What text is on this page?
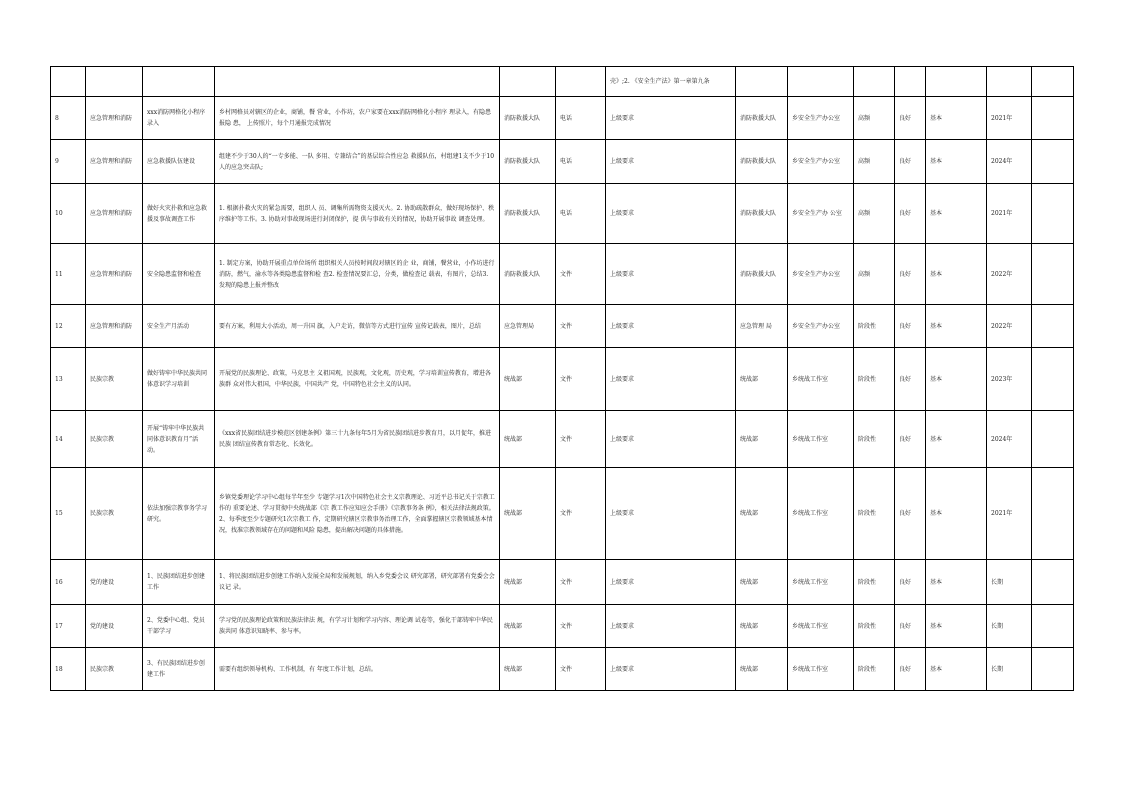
						壳》;2. 《安全生产法》第一章第九条							
8	应急管理和消防	xxx消防网格化小程序录入	乡村网格员对辖区的企业，商铺，餐 营业，小作坊，农户家要在xxx消防网格化小程序 理录入，有隐患报隐 患， 上传照片，每个月通报完成情况	消防救援大队	电话	上级要求	消防救援大队	乡安全生产办公室	高频	良好	基本	2021年	
9	应急管理和消防	应急救援队伍建设	组建不少于30人的“一专多能、一队 多用、专兼结合”的基层综合性应急 救援队伍，村组建1支不少于10人的应急突击队;	消防救援大队	电话	上级要求	消防救援大队	乡安全生产办公室	高频	良好	基本	2024年	
10	应急管理和消防	做好火灾扑救和应急救援及事故调查工作	1. 根据扑救火灾的紧急需要，组织人 员、调集所需物资支援灭火。2. 协助疏散群众，做好现场保护、秩 序维护等工作。3. 协助对事故现场进行封闭保护，提 供与事故有关的情况，协助开展事故 调查处理。	消防救援大队	电话	上级要求	消防救援大队	乡安全生产办 公室	高频	良好	基本	2021年	
11	应急管理和消防	安全隐患监督和检查	1. 制定方案，协助开展重点单位场所 组织相关人员按时间段对辖区的企 业，商铺，餐营业，小作坊进行消防，燃气，渝水等各类隐患监督和检 查2. 检查情况要汇总，分类，做检查记 载表，有图片，总结3. 发现的隐患上报并整改	消防救援大队	文件	上级要求	消防救援大队	乡安全生产办公室	高频	良好	基本	2022年	
12	应急管理和消防	安全生产月活动	要有方案，利用大小活动，周一升国 旗，入户走访，微信等方式进行宣传 宣传记载表，图片，总结	应急管理局	文件	上级要求	应急管理 局	乡安全生产办公室	阶段性	良好	基本	2022年	
13	民族宗教	做好铸牢中华民族共同体意识学习培训	开展党的民族理论、政策，马克思主 义祖国观，民族观，文化观，历史观，学习培训宣传教育，增进各族群 众对伟大祖国，中华民族，中国共产 党，中国特色社会主义的认同。	统战部	文件	上级要求	统战部	乡统战工作室	阶段性	良好	基本	2023年	
14	民族宗教	开展“铸牢中华民族共同体意识教育月”活动。	《xxx省民族团结进步模范区创建条例》第三十九条每年5月为省民族团结进步教育月，以月促年，推进民族 团结宣传教育常态化、长效化。	统战部	文件	上级要求	统战部	乡统战工作室	阶段性	良好	基本	2024年	
15	民族宗教	依法加强宗教事务学习研究。	乡镇党委理论学习中心组每半年至少 专题学习1次中国特色社会主义宗教理论、习近平总书记关于宗教工作的 重要论述、学习贯彻中央统战部《宗 教工作应知应会手册》《宗教事务条 例》，相关法律法规政策。2、每季度至少专题研究1次宗教工 作，定期研究辖区宗教事务治理工作，全面掌握辖区宗教领域基本情况，找准宗教领域存在的问题和风险 隐患，提出解决问题的具体措施。	统战部	文件	上级要求	统战部	乡统战工作室	阶段性	良好	基本	2021年	
16	党的建设	1、民族团结进步创建工作	1、将民族团结进步创建工作纳入发展全局和发展规划，纳入乡党委会议 研究部署，研究部署有党委会会议记 录。	统战部	文件	上级要求	统战部	乡统战工作室	阶段性	良好	基本	长期	
17	党的建设	2、党委中心组、党员干部学习	学习党的民族理论政策和民族法律法 规，有学习计划和学习内容、理论调 试卷等，强化干部铸牢中华民族共同 体意识知晓率、参与率。	统战部	文件	上级要求	统战部	乡统战工作室	阶段性	良好	基本	长期	
18	民族宗教	3、有民族团结进步创建工作	需要有组织领导机构、工作机制，有 年度工作计划，总结。	统战部	文件	上级要求	统战部	乡统战工作室	阶段性	良好	基本	长期	
